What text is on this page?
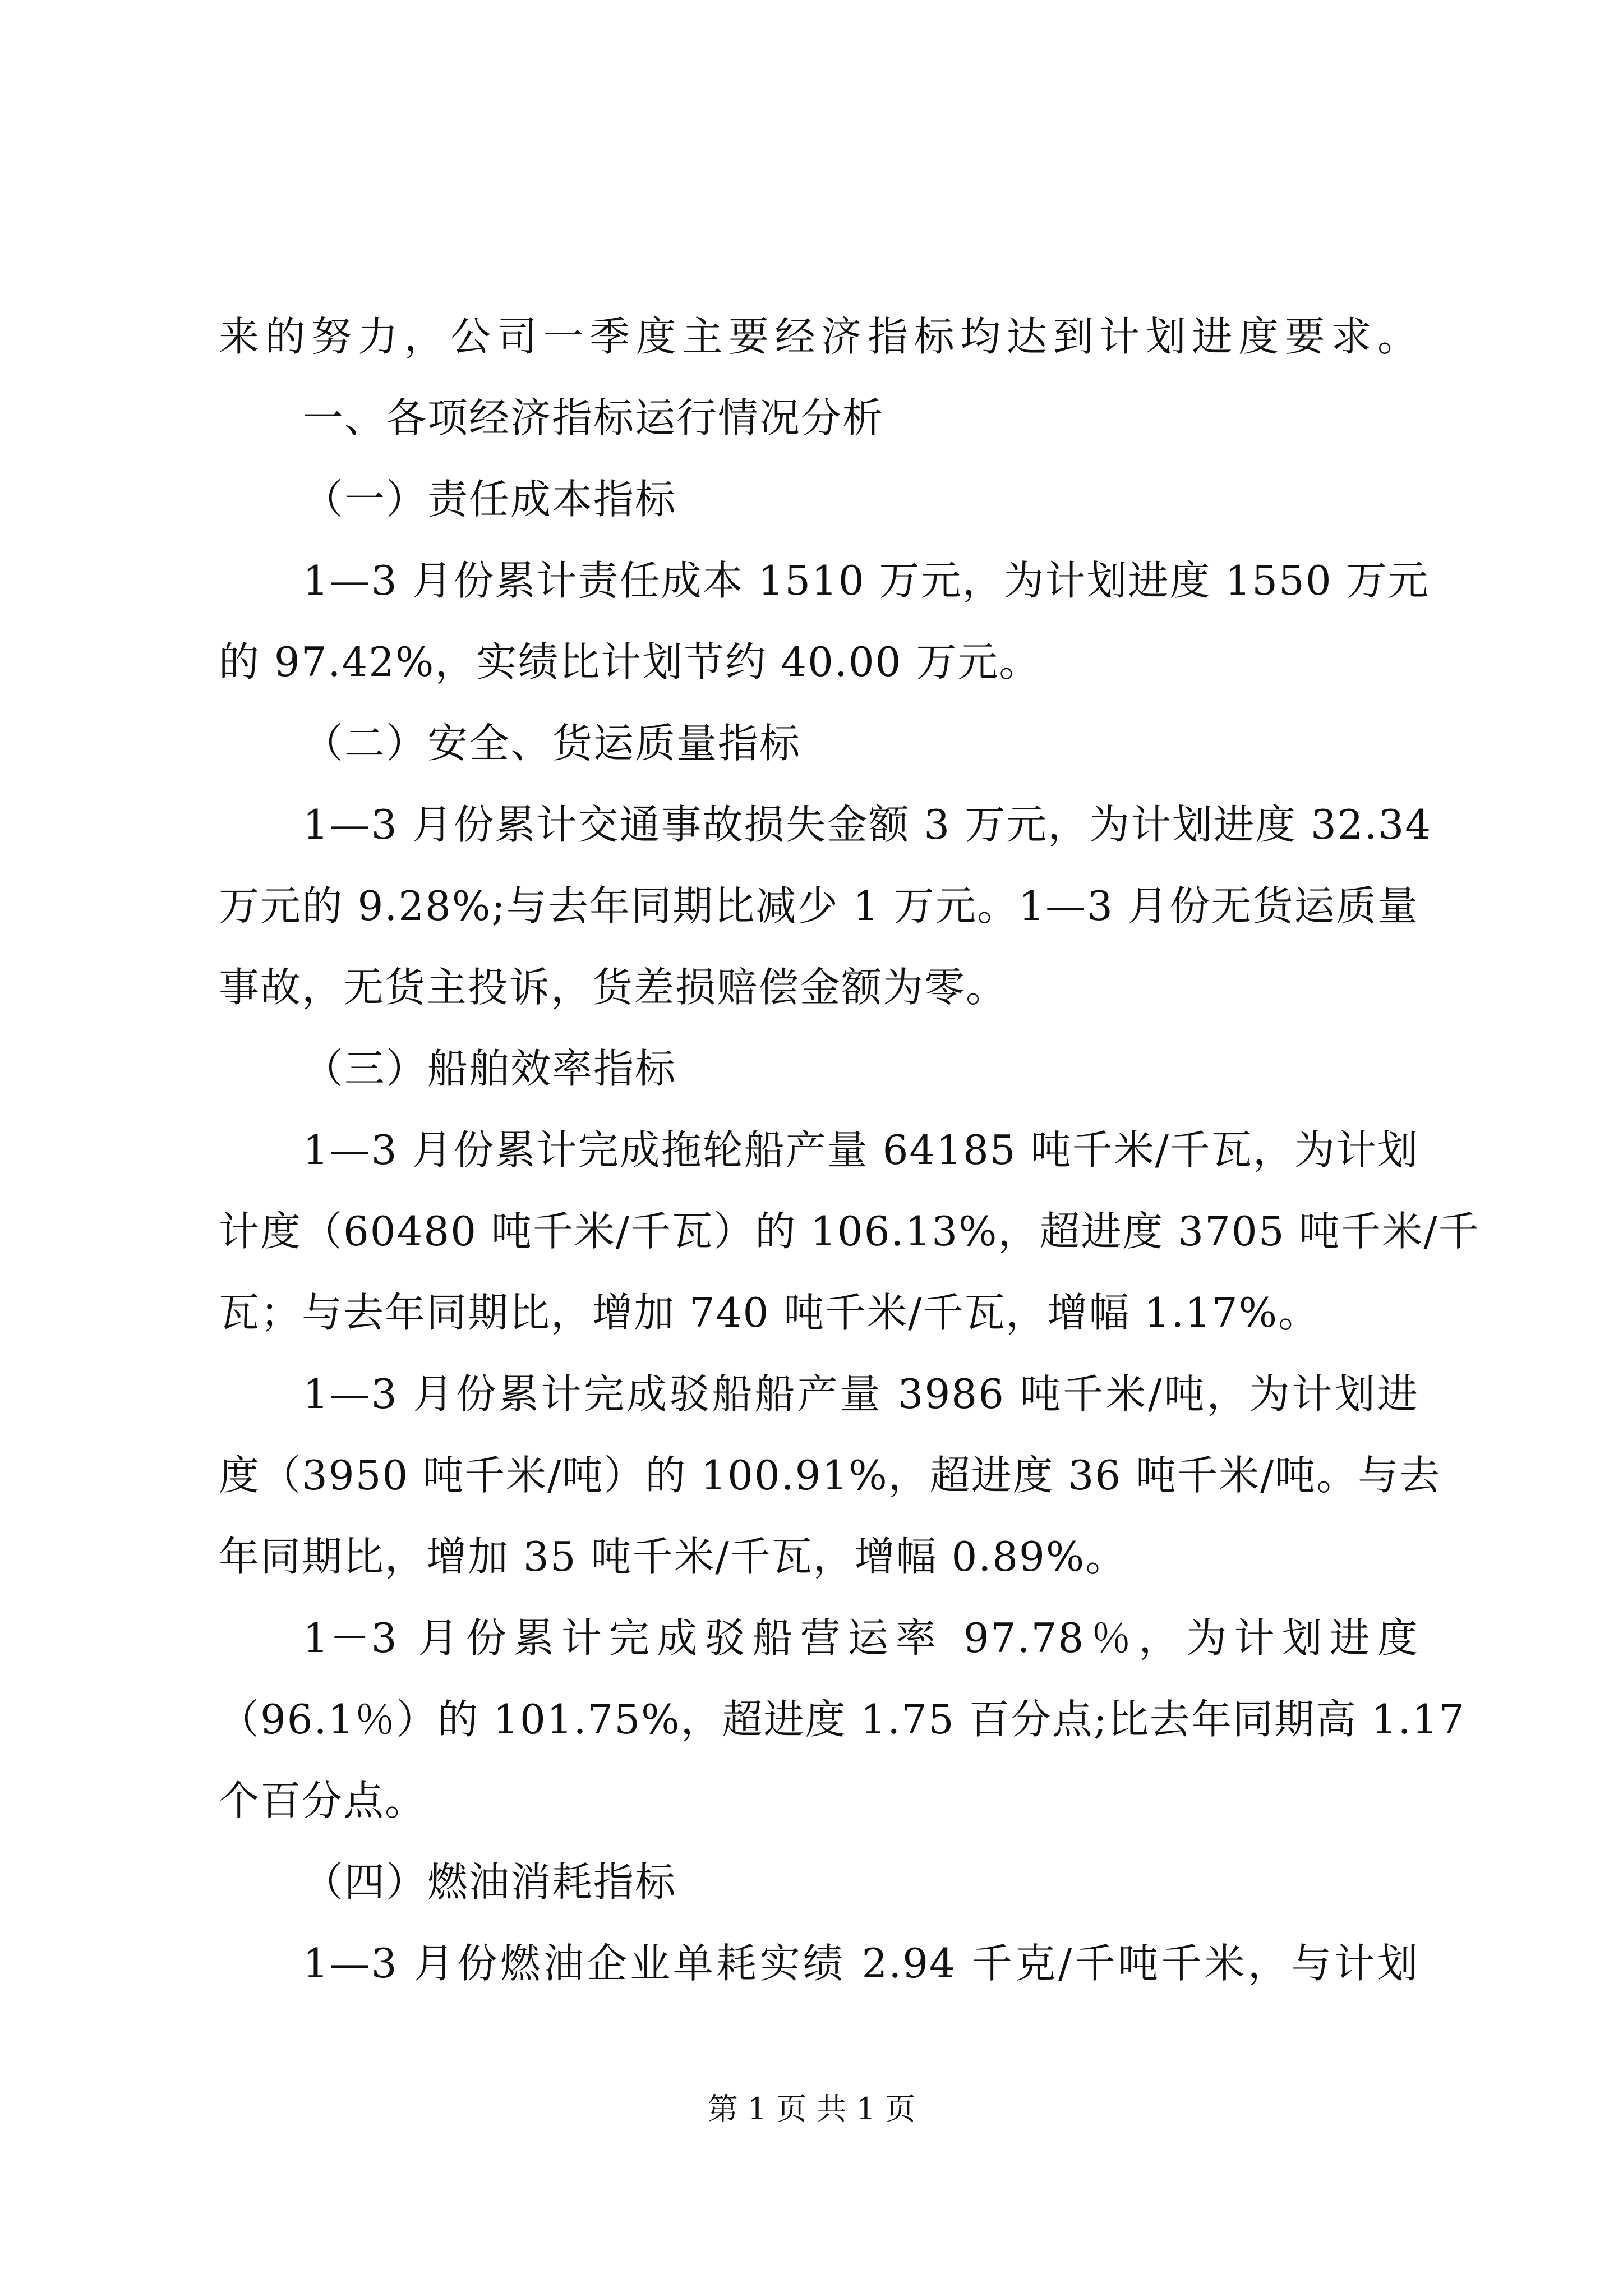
来的努力，公司一季度主要经济指标均达到计划进度要求。
一、各项经济指标运行情况分析
（一）责任成本指标
1—3 月份累计责任成本 1510 万元，为计划进度 1550 万元
的 97.42%，实绩比计划节约 40.00 万元。
（二）安全、货运质量指标
1—3 月份累计交通事故损失金额 3 万元，为计划进度 32.34
万元的 9.28%;与去年同期比减少 1 万元。1—3 月份无货运质量
事故，无货主投诉，货差损赔偿金额为零。
（三）船舶效率指标
1—3 月份累计完成拖轮船产量 64185 吨千米/千瓦，为计划
计度（60480 吨千米/千瓦）的 106.13%，超进度 3705 吨千米/千
瓦；与去年同期比，增加 740 吨千米/千瓦，增幅 1.17%。
1—3 月份累计完成驳船船产量 3986 吨千米/吨，为计划进
度（3950 吨千米/吨）的 100.91%，超进度 36 吨千米/吨。与去
年同期比，增加 35 吨千米/千瓦，增幅 0.89%。
1－3 月份累计完成驳船营运率 97.78％，为计划进度
（96.1％）的 101.75%，超进度 1.75 百分点;比去年同期高 1.17
个百分点。
（四）燃油消耗指标
1—3 月份燃油企业单耗实绩 2.94 千克/千吨千米，与计划
第 1 页 共 1 页
